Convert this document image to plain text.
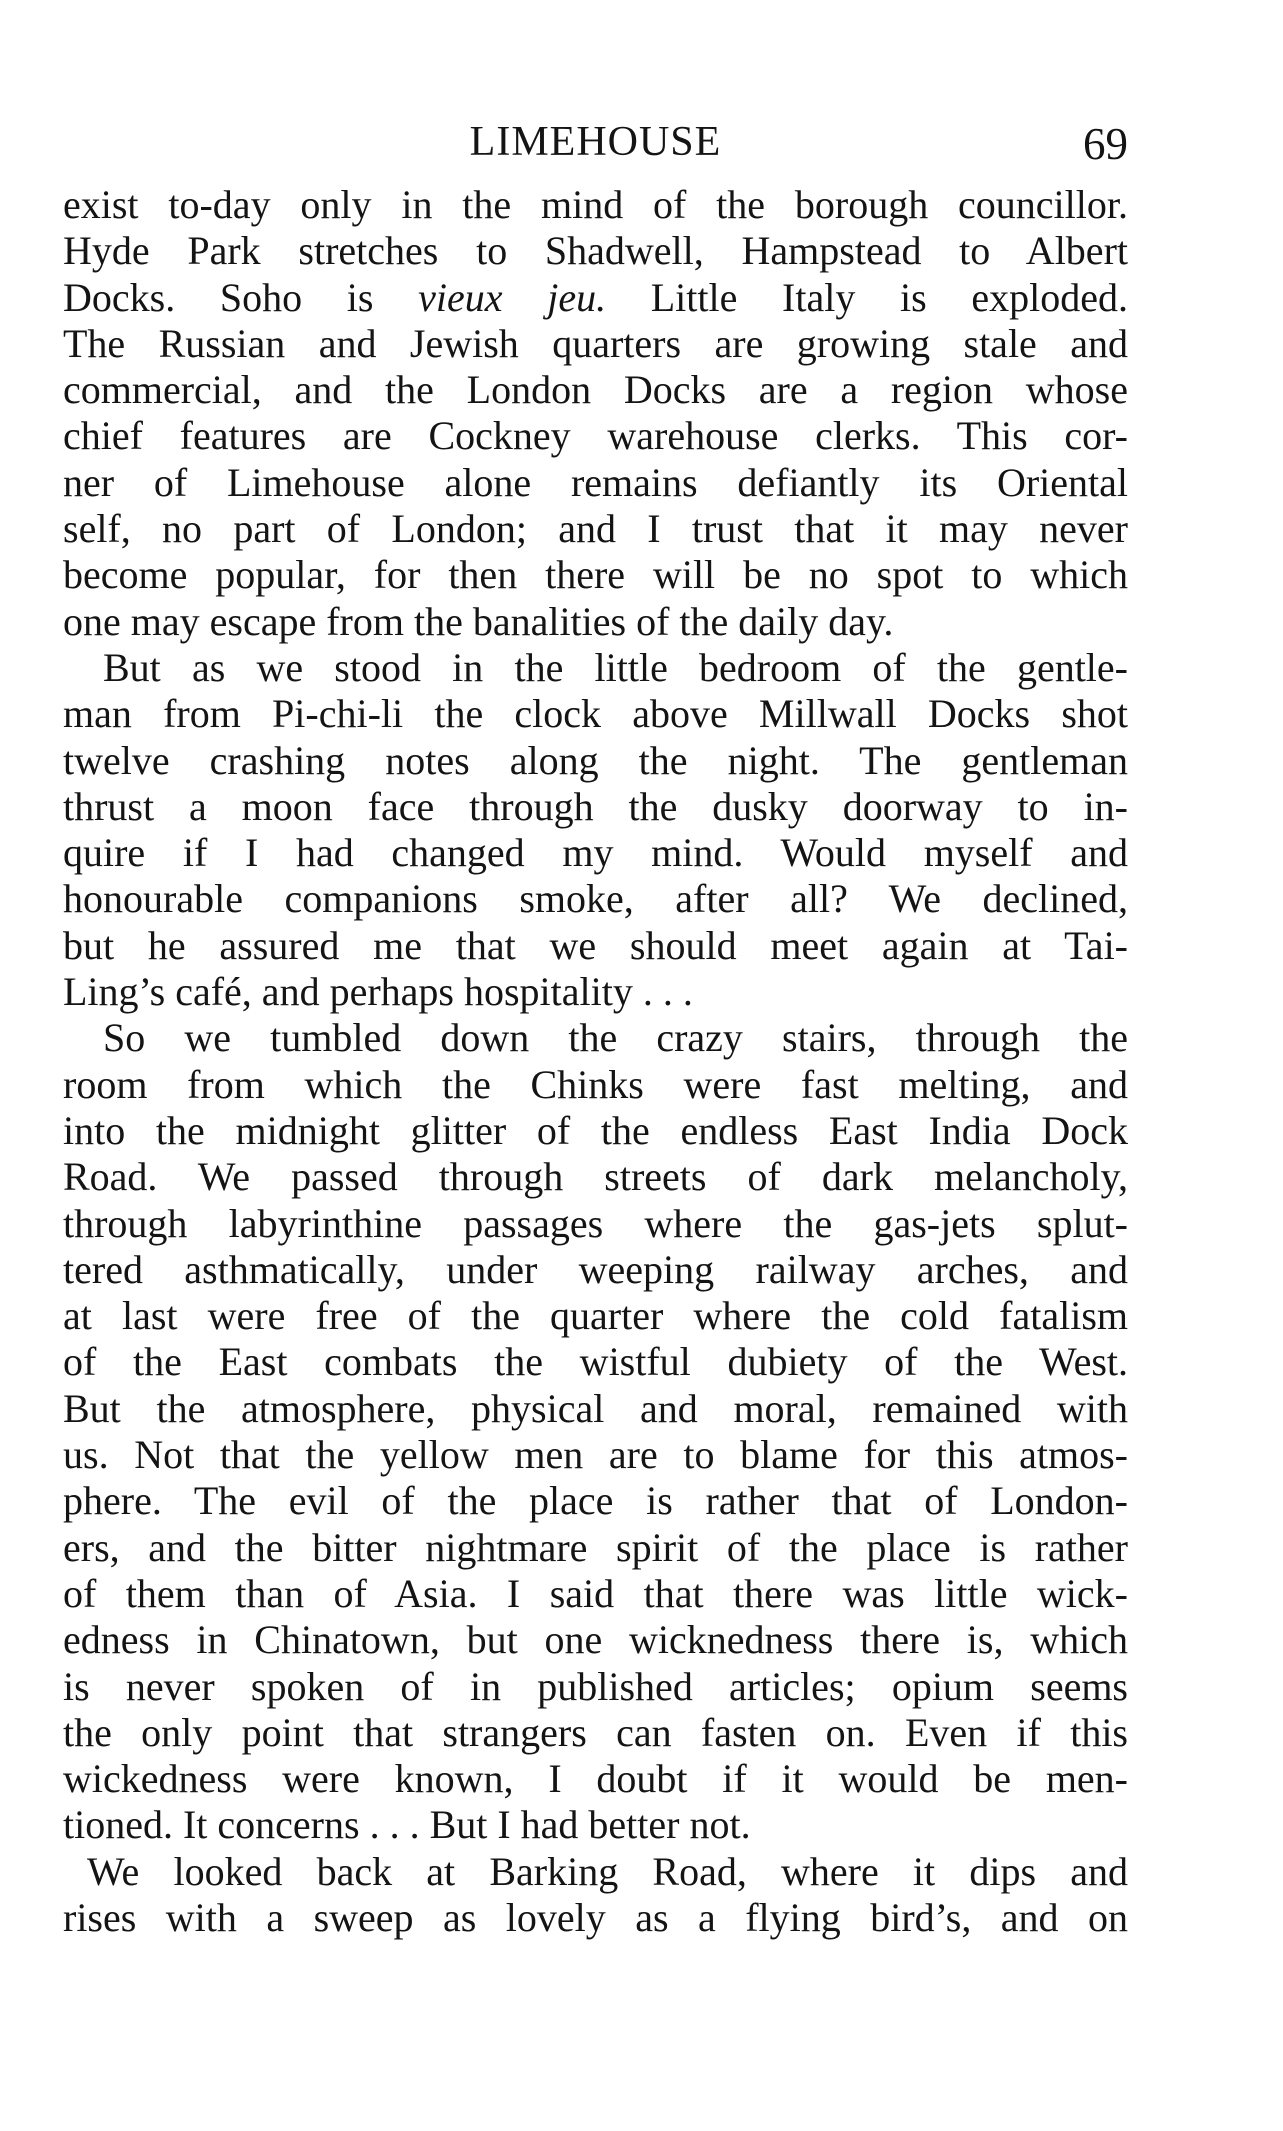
LIMEHOUSE	69
exist to-day only in the mind of the borough councillor.
Hyde Park stretches to Shadwell, Hampstead to Albert
Docks. Soho is vieux jeu. Little Italy is exploded.
The Russian and Jewish quarters are growing stale and
commercial, and the London Docks are a region whose
chief features are Cockney warehouse clerks. This cor-
ner of Limehouse alone remains defiantly its Oriental
self, no part of London; and I trust that it may never
become popular, for then there will be no spot to which
one may escape from the banalities of the daily day.
But as we stood in the little bedroom of the gentle-
man from Pi-chi-li the clock above Millwall Docks shot
twelve crashing notes along the night. The gentleman
thrust a moon face through the dusky doorway to in-
quire if I had changed my mind. Would myself and
honourable companions smoke, after all? We declined,
but he assured me that we should meet again at Tai-
Ling’s café, and perhaps hospitality . . .
So we tumbled down the crazy stairs, through the
room from which the Chinks were fast melting, and
into the midnight glitter of the endless East India Dock
Road. We passed through streets of dark melancholy,
through labyrinthine passages where the gas-jets splut-
tered asthmatically, under weeping railway arches, and
at last were free of the quarter where the cold fatalism
of the East combats the wistful dubiety of the West.
But the atmosphere, physical and moral, remained with
us. Not that the yellow men are to blame for this atmos-
phere. The evil of the place is rather that of London-
ers, and the bitter nightmare spirit of the place is rather
of them than of Asia. I said that there was little wick-
edness in Chinatown, but one wicknedness there is, which
is never spoken of in published articles; opium seems
the only point that strangers can fasten on. Even if this
wickedness were known, I doubt if it would be men-
tioned. It concerns . . . But I had better not.
We looked back at Barking Road, where it dips and
rises with a sweep as lovely as a flying bird’s, and on
